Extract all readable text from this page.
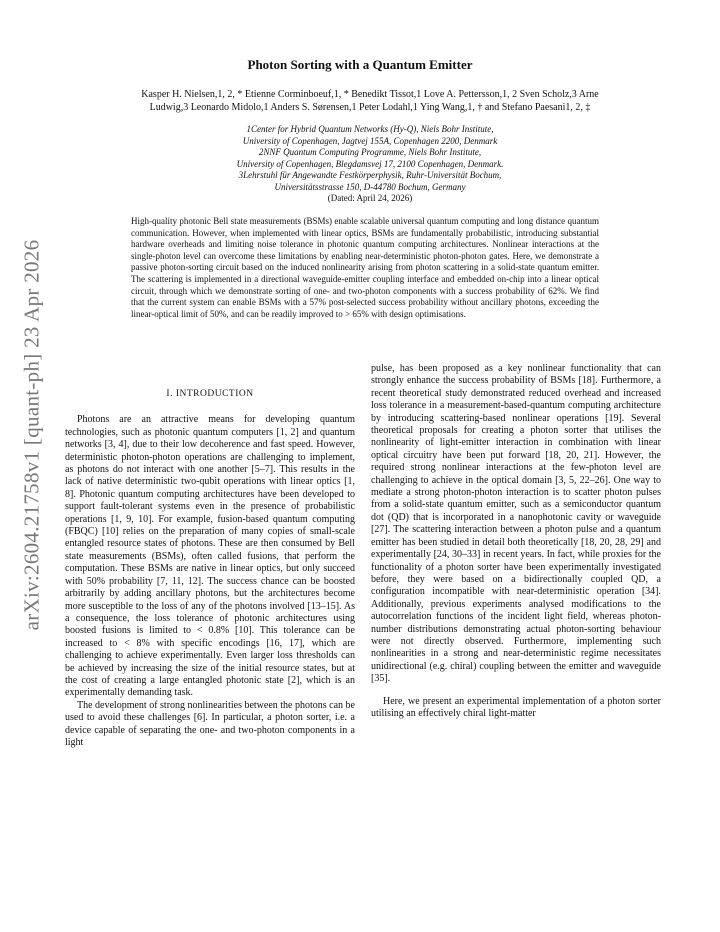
arXiv:2604.21758v1 [quant-ph] 23 Apr 2026
Photon Sorting with a Quantum Emitter
Kasper H. Nielsen,1, 2, * Etienne Corminboeuf,1, * Benedikt Tissot,1 Love A. Pettersson,1, 2 Sven Scholz,3 Arne
Ludwig,3 Leonardo Midolo,1 Anders S. Sørensen,1 Peter Lodahl,1 Ying Wang,1, † and Stefano Paesani1, 2, ‡
1Center for Hybrid Quantum Networks (Hy-Q), Niels Bohr Institute,
University of Copenhagen, Jagtvej 155A, Copenhagen 2200, Denmark
2NNF Quantum Computing Programme, Niels Bohr Institute,
University of Copenhagen, Blegdamsvej 17, 2100 Copenhagen, Denmark.
3Lehrstuhl für Angewandte Festkörperphysik, Ruhr-Universität Bochum,
Universitätsstrasse 150, D-44780 Bochum, Germany
(Dated: April 24, 2026)
High-quality photonic Bell state measurements (BSMs) enable scalable universal quantum computing and long distance quantum communication. However, when implemented with linear optics, BSMs are fundamentally probabilistic, introducing substantial hardware overheads and limiting noise tolerance in photonic quantum computing architectures. Nonlinear interactions at the single-photon level can overcome these limitations by enabling near-deterministic photon-photon gates. Here, we demonstrate a passive photon-sorting circuit based on the induced nonlinearity arising from photon scattering in a solid-state quantum emitter. The scattering is implemented in a directional waveguide-emitter coupling interface and embedded on-chip into a linear optical circuit, through which we demonstrate sorting of one- and two-photon components with a success probability of 62%. We find that the current system can enable BSMs with a 57% post-selected success probability without ancillary photons, exceeding the linear-optical limit of 50%, and can be readily improved to > 65% with design optimisations.
I. INTRODUCTION

Photons are an attractive means for developing quantum technologies, such as photonic quantum computers [1, 2] and quantum networks [3, 4], due to their low decoherence and fast speed. However, deterministic photon-photon operations are challenging to implement, as photons do not interact with one another [5–7]. This results in the lack of native deterministic two-qubit operations with linear optics [1, 8]. Photonic quantum computing architectures have been developed to support fault-tolerant systems even in the presence of probabilistic operations [1, 9, 10]. For example, fusion-based quantum computing (FBQC) [10] relies on the preparation of many copies of small-scale entangled resource states of photons. These are then consumed by Bell state measurements (BSMs), often called fusions, that perform the computation. These BSMs are native in linear optics, but only succeed with 50% probability [7, 11, 12]. The success chance can be boosted arbitrarily by adding ancillary photons, but the architectures become more susceptible to the loss of any of the photons involved [13–15]. As a consequence, the loss tolerance of photonic architectures using boosted fusions is limited to < 0.8% [10]. This tolerance can be increased to < 8% with specific encodings [16, 17], which are challenging to achieve experimentally. Even larger loss thresholds can be achieved by increasing the size of the initial resource states, but at the cost of creating a large entangled photonic state [2], which is an experimentally demanding task.

The development of strong nonlinearities between the photons can be used to avoid these challenges [6]. In particular, a photon sorter, i.e. a device capable of separating the one- and two-photon components in a light

pulse, has been proposed as a key nonlinear functionality that can strongly enhance the success probability of BSMs [18]. Furthermore, a recent theoretical study demonstrated reduced overhead and increased loss tolerance in a measurement-based-quantum computing architecture by introducing scattering-based nonlinear operations [19]. Several theoretical proposals for creating a photon sorter that utilises the nonlinearity of light-emitter interaction in combination with linear optical circuitry have been put forward [18, 20, 21]. However, the required strong nonlinear interactions at the few-photon level are challenging to achieve in the optical domain [3, 5, 22–26]. One way to mediate a strong photon-photon interaction is to scatter photon pulses from a solid-state quantum emitter, such as a semiconductor quantum dot (QD) that is incorporated in a nanophotonic cavity or waveguide [27]. The scattering interaction between a photon pulse and a quantum emitter has been studied in detail both theoretically [18, 20, 28, 29] and experimentally [24, 30–33] in recent years. In fact, while proxies for the functionality of a photon sorter have been experimentally investigated before, they were based on a bidirectionally coupled QD, a configuration incompatible with near-deterministic operation [34]. Additionally, previous experiments analysed modifications to the autocorrelation functions of the incident light field, whereas photon-number distributions demonstrating actual photon-sorting behaviour were not directly observed. Furthermore, implementing such nonlinearities in a strong and near-deterministic regime necessitates unidirectional (e.g. chiral) coupling between the emitter and waveguide [35].

Here, we present an experimental implementation of a photon sorter utilising an effectively chiral light-matter
